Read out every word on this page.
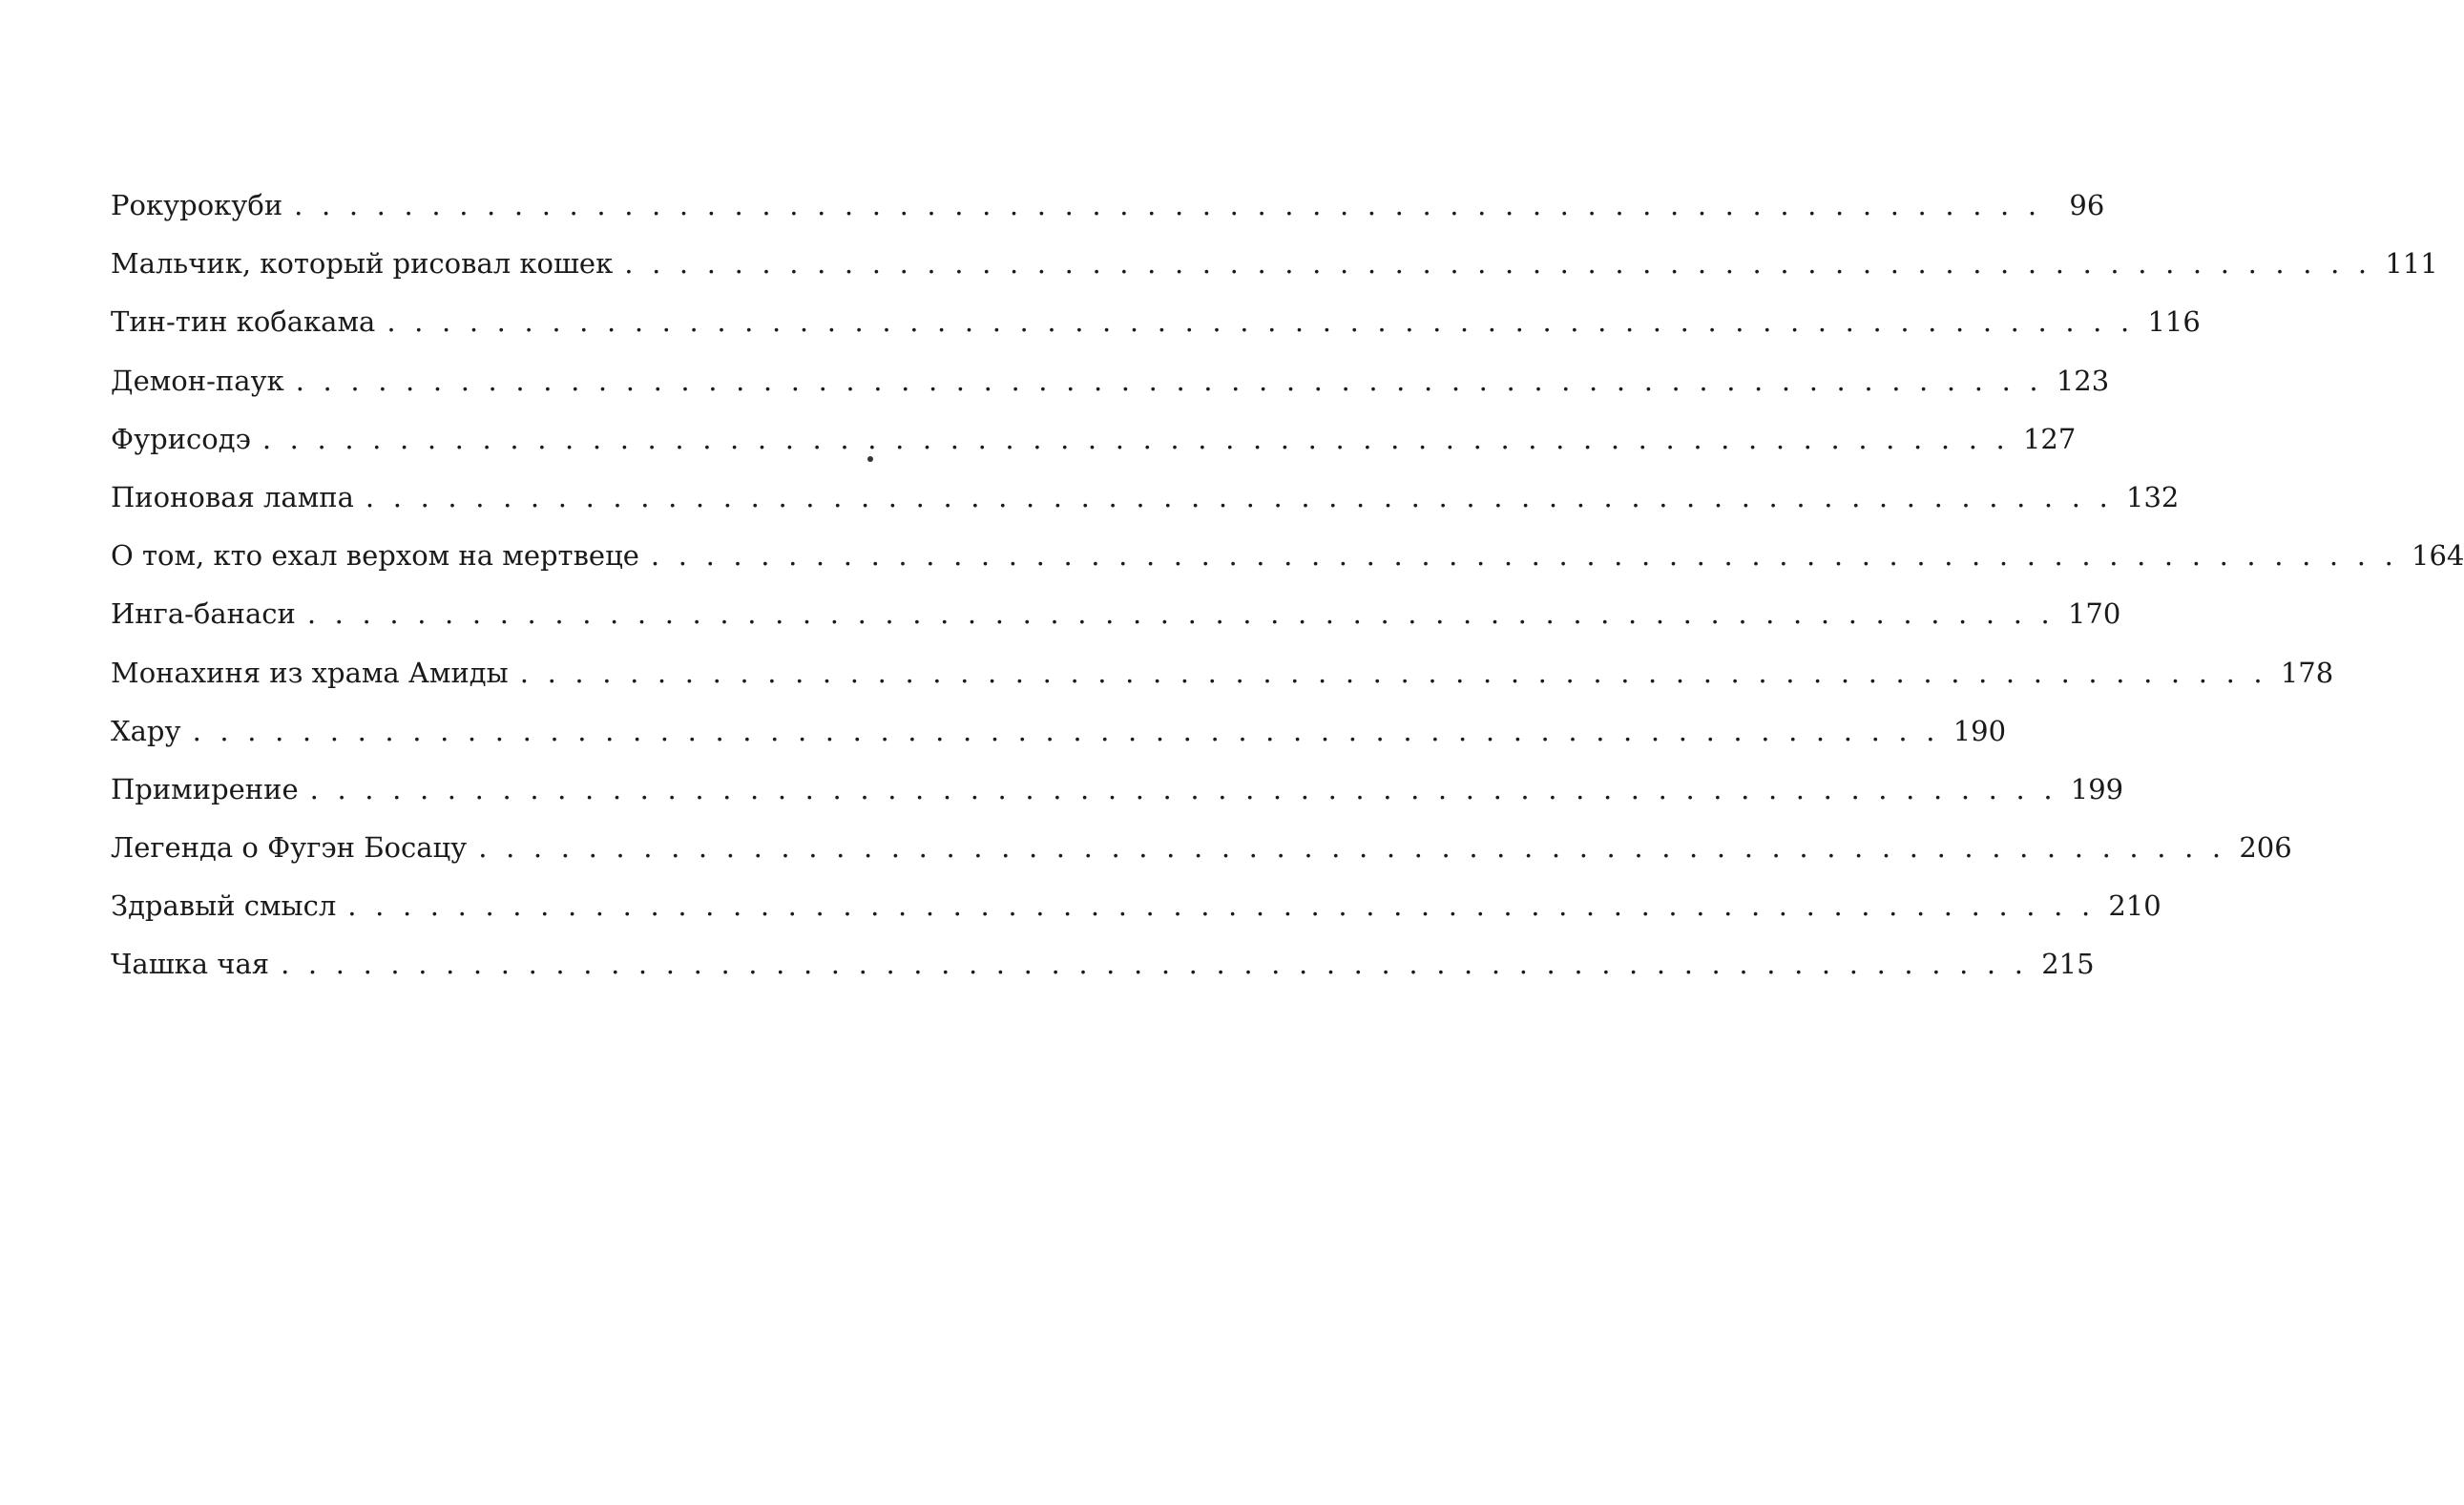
Рокурокуби . . . . . . . . . . . . . . . . . . . . . . . . . . . . . . . . . . . . . . . . . . . . . . . . . . . . . . . . . . . . . . . .	96
Мальчик, который рисовал кошек . . . . . . . . . . . . . . . . . . . . . . . . . . . . . . . . . . . . . . . . . . . . . . . . . . . . . . . . . . . . . . . . 111
Тин-тин кобакама . . . . . . . . . . . . . . . . . . . . . . . . . . . . . . . . . . . . . . . . . . . . . . . . . . . . . . . . . . . . . . . . 116
Демон-паук . . . . . . . . . . . . . . . . . . . . . . . . . . . . . . . . . . . . . . . . . . . . . . . . . . . . . . . . . . . . . . . . 123
Фурисодэ . . . . . . . . . . . . . . . . . . . . . . . . . . . . . . . . . . . . . . . . . . . . . . . . . . . . . . . . . . . . . . . . 127
Пионовая лампа . . . . . . . . . . . . . . . . . . . . . . . . . . . . . . . . . . . . . . . . . . . . . . . . . . . . . . . . . . . . . . . . 132
О том, кто ехал верхом на мертвеце . . . . . . . . . . . . . . . . . . . . . . . . . . . . . . . . . . . . . . . . . . . . . . . . . . . . . . . . . . . . . . . . 164
Инга-банаси . . . . . . . . . . . . . . . . . . . . . . . . . . . . . . . . . . . . . . . . . . . . . . . . . . . . . . . . . . . . . . . . 170
Монахиня из храма Амиды . . . . . . . . . . . . . . . . . . . . . . . . . . . . . . . . . . . . . . . . . . . . . . . . . . . . . . . . . . . . . . . . 178
Хару . . . . . . . . . . . . . . . . . . . . . . . . . . . . . . . . . . . . . . . . . . . . . . . . . . . . . . . . . . . . . . . . 190
Примирение . . . . . . . . . . . . . . . . . . . . . . . . . . . . . . . . . . . . . . . . . . . . . . . . . . . . . . . . . . . . . . . . 199
Легенда о Фугэн Босацу . . . . . . . . . . . . . . . . . . . . . . . . . . . . . . . . . . . . . . . . . . . . . . . . . . . . . . . . . . . . . . . . 206
Здравый смысл . . . . . . . . . . . . . . . . . . . . . . . . . . . . . . . . . . . . . . . . . . . . . . . . . . . . . . . . . . . . . . . . 210
Чашка чая . . . . . . . . . . . . . . . . . . . . . . . . . . . . . . . . . . . . . . . . . . . . . . . . . . . . . . . . . . . . . . . . 215
